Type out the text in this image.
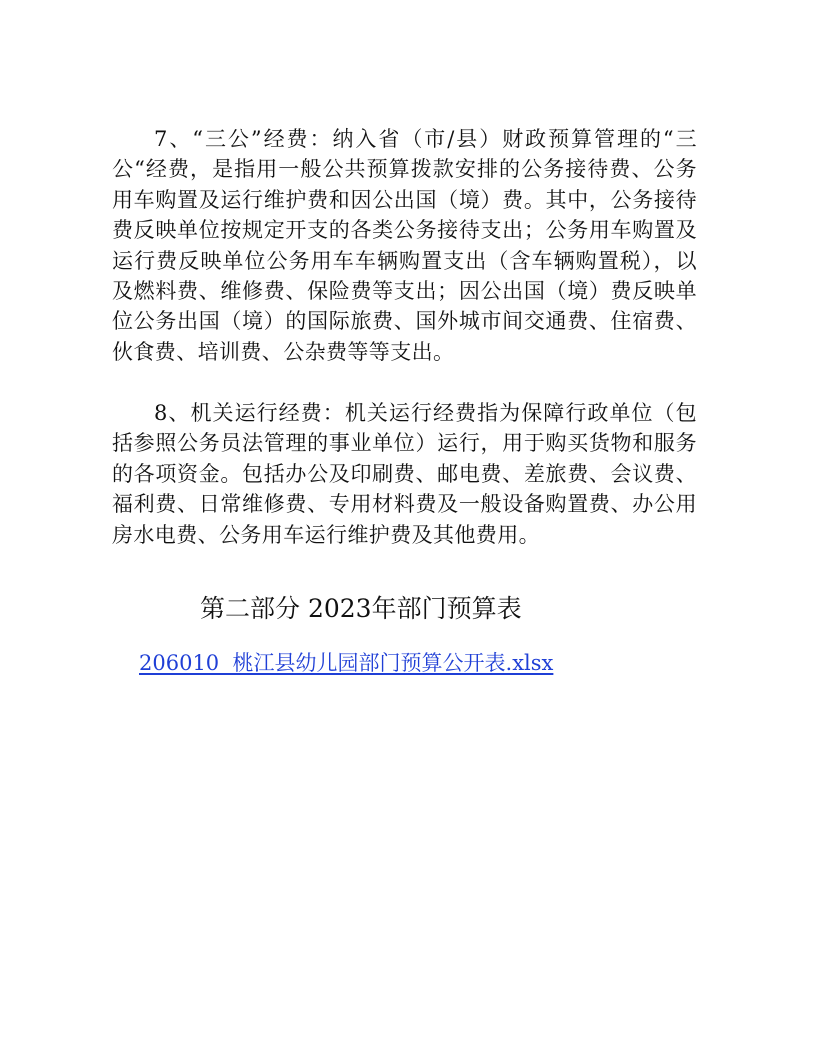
7、“三公”经费：纳入省（市/县）财政预算管理的“三公“经费，是指用一般公共预算拨款安排的公务接待费、公务用车购置及运行维护费和因公出国（境）费。其中，公务接待费反映单位按规定开支的各类公务接待支出；公务用车购置及运行费反映单位公务用车车辆购置支出（含车辆购置税），以及燃料费、维修费、保险费等支出；因公出国（境）费反映单位公务出国（境）的国际旅费、国外城市间交通费、住宿费、伙食费、培训费、公杂费等等支出。

8、机关运行经费：机关运行经费指为保障行政单位（包括参照公务员法管理的事业单位）运行，用于购买货物和服务的各项资金。包括办公及印刷费、邮电费、差旅费、会议费、福利费、日常维修费、专用材料费及一般设备购置费、办公用房水电费、公务用车运行维护费及其他费用。

第二部分 2023年部门预算表
206010  桃江县幼儿园部门预算公开表.xlsx
